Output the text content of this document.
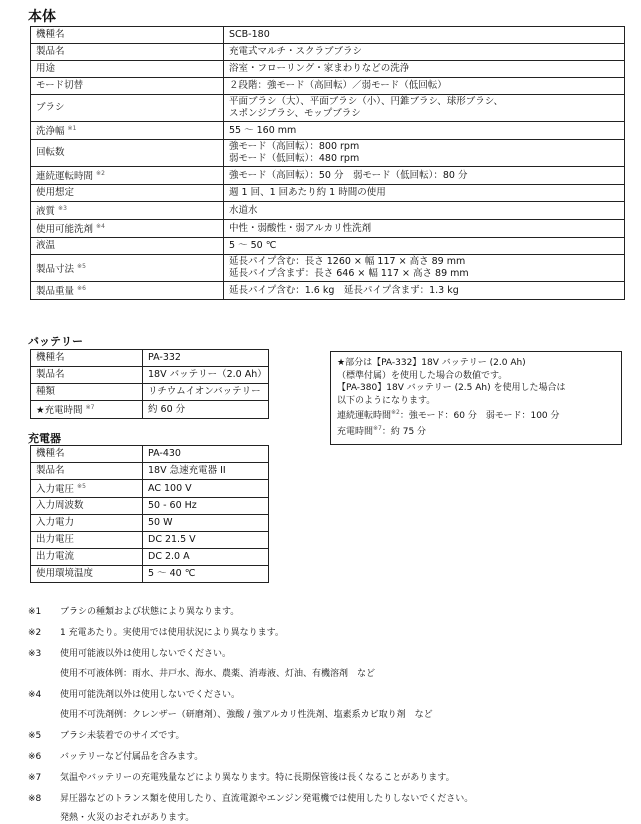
本体
機種名	SCB-180

製品名	充電式マルチ・スクラブブラシ

用途	浴室・フローリング・家まわりなどの洗浄

モード切替	２段階：強モード（高回転）／弱モード（低回転）

ブラシ	平面ブラシ（大）、平面ブラシ（小）、円錐ブラシ、球形ブラシ、
スポンジブラシ、モップブラシ

洗浄幅 $^{※1}$	55 〜 160 mm

回転数	強モード（高回転）：800 rpm
弱モード（低回転）：480 rpm

連続運転時間 $^{※2}$	強モード（高回転）：50 分　弱モード（低回転）：80 分

使用想定	週 1 回、1 回あたり約 1 時間の使用

液質 $^{※3}$	水道水

使用可能洗剤 $^{※4}$	中性・弱酸性・弱アルカリ性洗剤

液温	5 〜 50 ℃

製品寸法 $^{※5}$	延長パイプ含む：長さ 1260 × 幅 117 × 高さ 89 mm
延長パイプ含まず：長さ 646 × 幅 117 × 高さ 89 mm

製品重量 $^{※6}$	延長パイプ含む：1.6 kg　延長パイプ含まず：1.3 kg
バッテリー
機種名	PA-332
製品名	18V バッテリー（2.0 Ah）
種類	リチウムイオンバッテリー
★充電時間 $^{※7}$	約 60 分
充電器
機種名	PA-430
製品名	18V 急速充電器 II
入力電圧 $^{※5}$	AC 100 V
入力周波数	50 - 60 Hz
入力電力	50 W
出力電圧	DC 21.5 V
出力電流	DC 2.0 A
使用環境温度	5 〜 40 ℃
★部分は【PA-332】18V バッテリー (2.0 Ah)
（標準付属）を使用した場合の数値です。
【PA-380】18V バッテリー (2.5 Ah) を使用した場合は
以下のようになります。
連続運転時間$^{※2}$：強モード：60 分　弱モード：100 分
充電時間$^{※7}$：約 75 分
※1 ブラシの種類および状態により異なります。
※2 1 充電あたり。実使用では使用状況により異なります。
※3 使用可能液以外は使用しないでください。
使用不可液体例：雨水、井戸水、海水、農薬、消毒液、灯油、有機溶剤　など
※4 使用可能洗剤以外は使用しないでください。
使用不可洗剤例：クレンザー（研磨剤）、強酸 / 強アルカリ性洗剤、塩素系カビ取り剤　など
※5 ブラシ未装着でのサイズです。
※6 バッテリーなど付属品を含みます。
※7 気温やバッテリーの充電残量などにより異なります。特に長期保管後は長くなることがあります。
※8 昇圧器などのトランス類を使用したり、直流電源やエンジン発電機では使用したりしないでください。
発熱・火災のおそれがあります。
